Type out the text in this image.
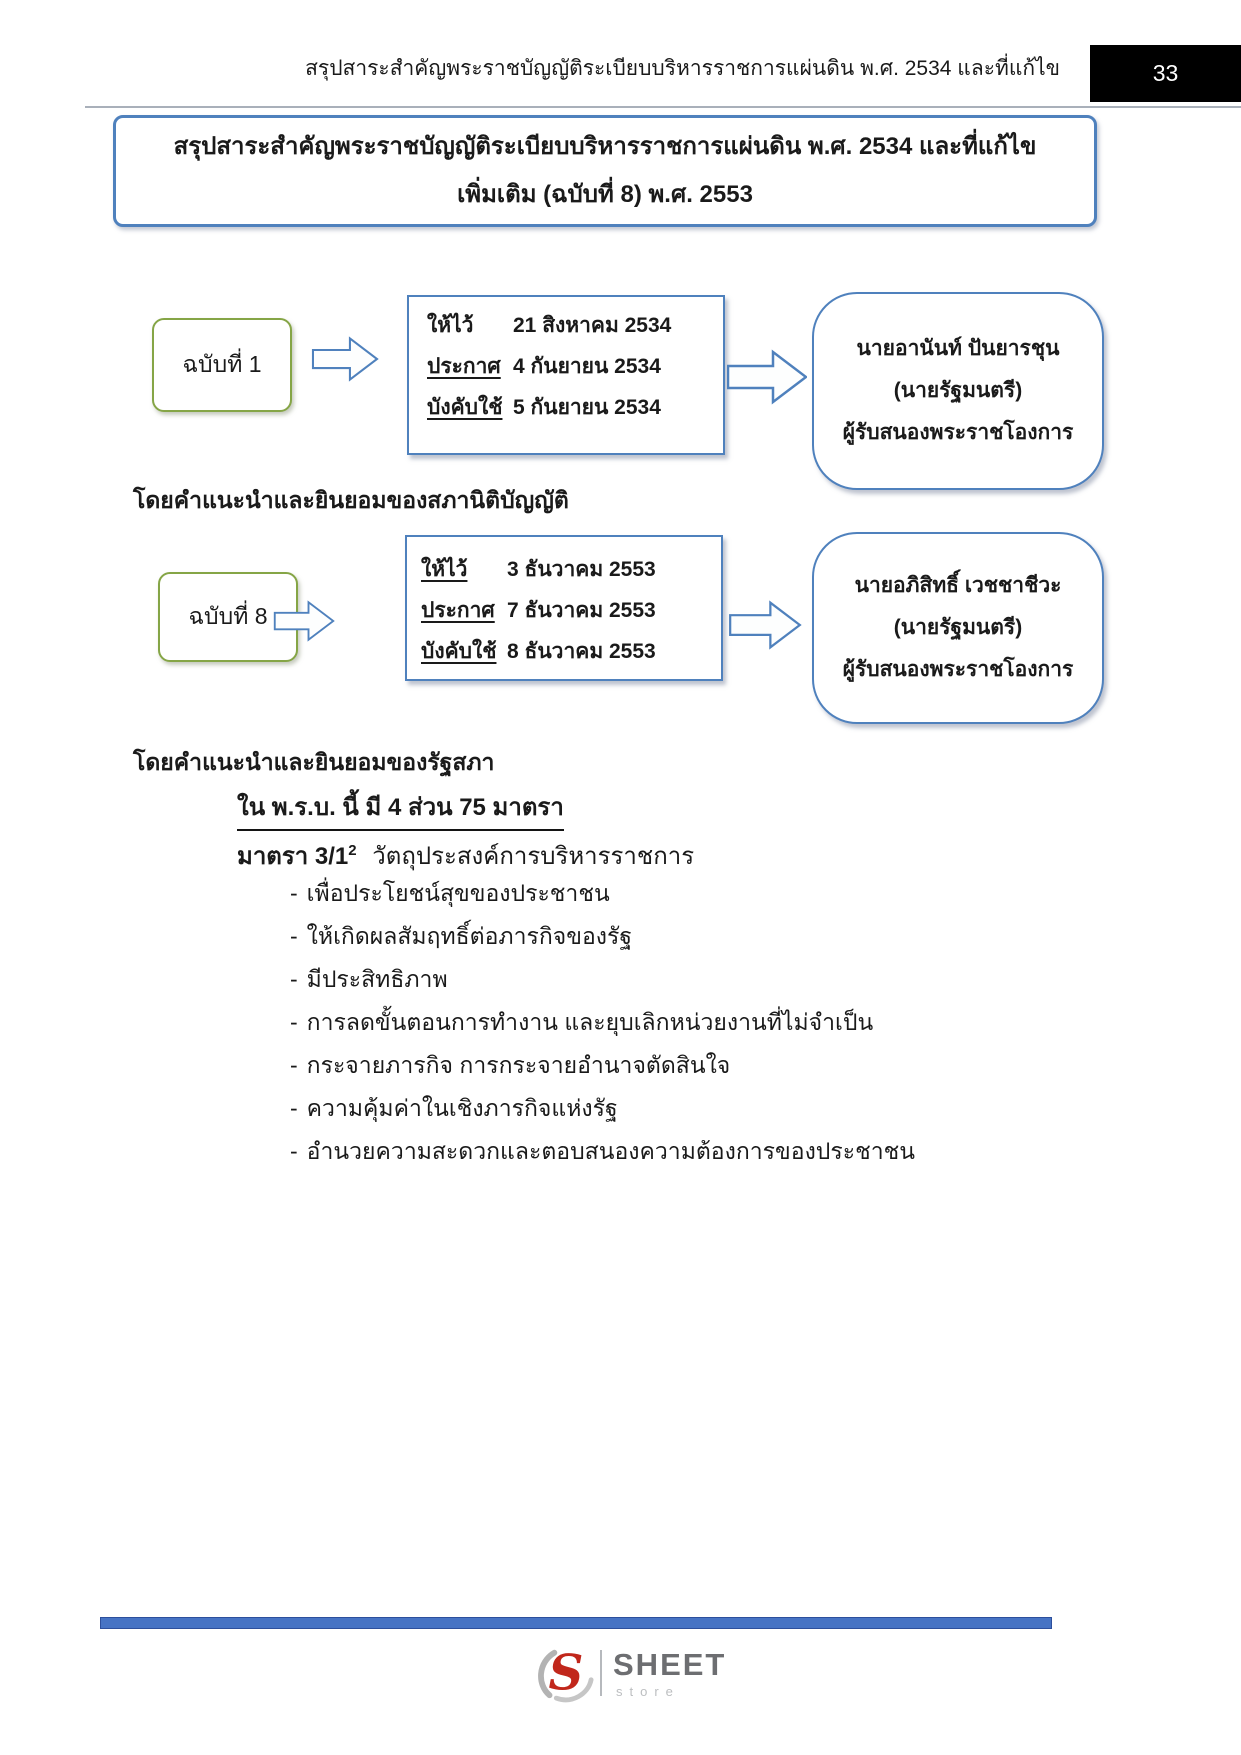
สรุปสาระสำคัญพระราชบัญญัติระเบียบบริหารราชการแผ่นดิน พ.ศ. 2534 และที่แก้ไข	33
สรุปสาระสำคัญพระราชบัญญัติระเบียบบริหารราชการแผ่นดิน พ.ศ. 2534 และที่แก้ไขเพิ่มเติม (ฉบับที่ 8) พ.ศ. 2553
ฉบับที่ 1
ให้ไว้	21 สิงหาคม 2534
ประกาศ 4 กันยายน 2534
บังคับใช้ 5 กันยายน 2534
นายอานันท์ ปันยารชุน
(นายรัฐมนตรี)
ผู้รับสนองพระราชโองการ
โดยคำแนะนำและยินยอมของสภานิติบัญญัติ
ฉบับที่ 8
ให้ไว้	3 ธันวาคม 2553
ประกาศ 7 ธันวาคม 2553
บังคับใช้ 8 ธันวาคม 2553
นายอภิสิทธิ์ เวชชาชีวะ
(นายรัฐมนตรี)
ผู้รับสนองพระราชโองการ
โดยคำแนะนำและยินยอมของรัฐสภา
ใน พ.ร.บ. นี้ มี 4 ส่วน 75 มาตรา
มาตรา $3/1^2$ วัตถุประสงค์การบริหารราชการ
- เพื่อประโยชน์สุขของประชาชน
- ให้เกิดผลสัมฤทธิ์ต่อภารกิจของรัฐ
- มีประสิทธิภาพ
- การลดขั้นตอนการทำงาน และยุบเลิกหน่วยงานที่ไม่จำเป็น
- กระจายภารกิจ การกระจายอำนาจตัดสินใจ
- ความคุ้มค่าในเชิงภารกิจแห่งรัฐ
- อำนวยความสะดวกและตอบสนองความต้องการของประชาชน
S SHEET
store
